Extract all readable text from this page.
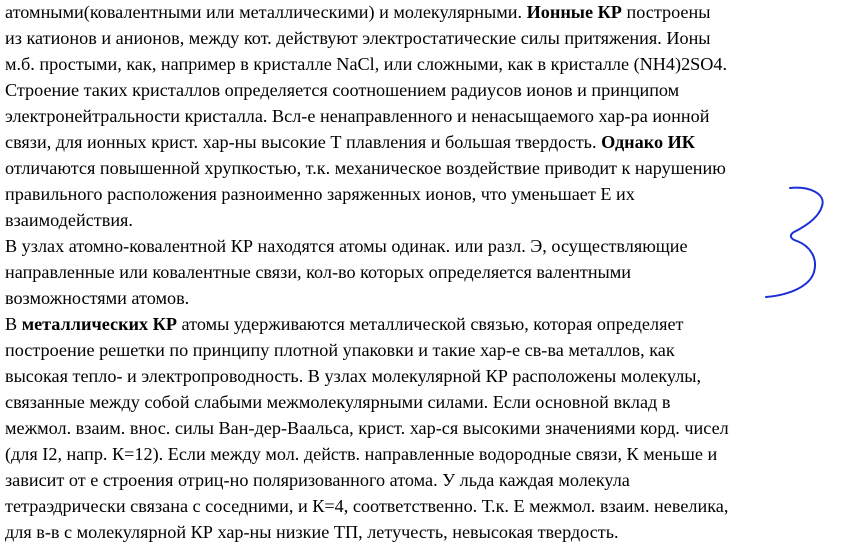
атомными(ковалентными или металлическими) и молекулярными. Ионные КР построены
из катионов и анионов, между кот. действуют электростатические силы притяжения. Ионы
м.б. простыми, как, например в кристалле NaCl, или сложными, как в кристалле (NH4)2SO4.
Строение таких кристаллов определяется соотношением радиусов ионов и принципом
электронейтральности кристалла. Всл-е ненаправленного и ненасыщаемого хар-ра ионной
связи, для ионных крист. хар-ны высокие Т плавления и большая твердость. Однако ИК
отличаются повышенной хрупкостью, т.к. механическое воздействие приводит к нарушению
правильного расположения разноименно заряженных ионов, что уменьшает Е их
взаимодействия.
В узлах атомно-ковалентной КР находятся атомы одинак. или разл. Э, осуществляющие
направленные или ковалентные связи, кол-во которых определяется валентными
возможностями атомов.
В металлических КР атомы удерживаются металлической связью, которая определяет
построение решетки по принципу плотной упаковки и такие хар-е св-ва металлов, как
высокая тепло- и электропроводность. В узлах молекулярной КР расположены молекулы,
связанные между собой слабыми межмолекулярными силами. Если основной вклад в
межмол. взаим. внос. силы Ван-дер-Ваальса, крист. хар-ся высокими значениями корд. чисел
(для I2, напр. К=12). Если между мол. действ. направленные водородные связи, К меньше и
зависит от е строения отриц-но поляризованного атома. У льда каждая молекула
тетраэдрически связана с соседними, и К=4, соответственно. Т.к. Е межмол. взаим. невелика,
для в-в с молекулярной КР хар-ны низкие ТП, летучесть, невысокая твердость.
